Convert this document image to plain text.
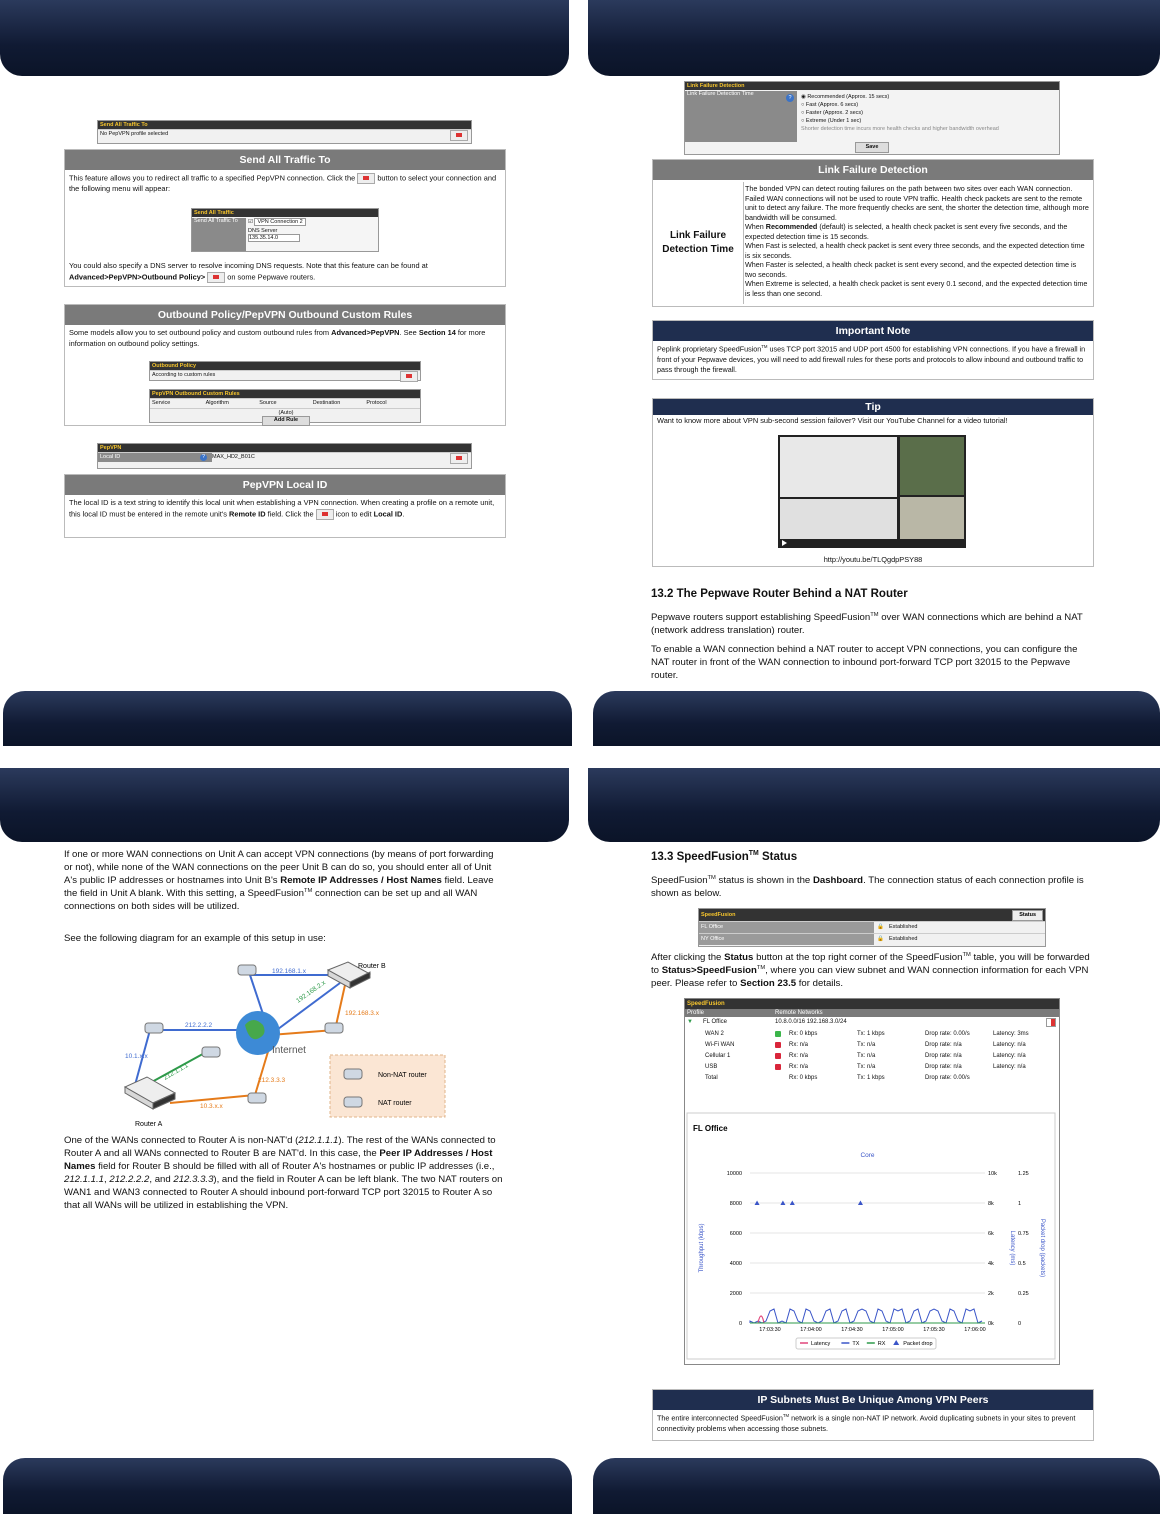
Send All Traffic To
No PepVPN profile selected
Send All Traffic To
This feature allows you to redirect all traffic to a specified PepVPN connection. Click the	button to select your connection and the following menu will appear:
Send All Traffic
Send All Traffic To	☑ VPN Connection 2
DNS Server
135.35.14.0
You could also specify a DNS server to resolve incoming DNS requests. Note that this feature can be found at
Advanced>PepVPN>Outbound Policy>	on some Pepwave routers.
Outbound Policy/PepVPN Outbound Custom Rules
Some models allow you to set outbound policy and custom outbound rules from Advanced>PepVPN. See Section 14 for more information on outbound policy settings.
Outbound Policy
According to custom rules
PepVPN Outbound Custom Rules
Service	Algorithm	Source	Destination	Protocol
(Auto)
Add Rule
PepVPN
Local ID	?	MAX_HD2_B01C
PepVPN Local ID
The local ID is a text string to identify this local unit when establishing a VPN connection. When creating a profile on a remote unit, this local ID must be entered in the remote unit's Remote ID field. Click the	icon to edit Local ID.
Link Failure Detection
Link Failure Detection Time
?	◉ Recommended (Approx. 15 secs)
○ Fast (Approx. 6 secs)
○ Faster (Approx. 2 secs)
○ Extreme (Under 1 sec)
Shorter detection time incurs more health checks and higher bandwidth overhead
Save
Link Failure Detection
Link Failure Detection Time
The bonded VPN can detect routing failures on the path between two sites over each WAN connection. Failed WAN connections will not be used to route VPN traffic. Health check packets are sent to the remote unit to detect any failure. The more frequently checks are sent, the shorter the detection time, although more bandwidth will be consumed.
When Recommended (default) is selected, a health check packet is sent every five seconds, and the expected detection time is 15 seconds.
When Fast is selected, a health check packet is sent every three seconds, and the expected detection time is six seconds.
When Faster is selected, a health check packet is sent every second, and the expected detection time is two seconds.
When Extreme is selected, a health check packet is sent every 0.1 second, and the expected detection time is less than one second.
Important Note
Peplink proprietary SpeedFusion™ uses TCP port 32015 and UDP port 4500 for establishing VPN connections. If you have a firewall in front of your Pepwave devices, you will need to add firewall rules for these ports and protocols to allow inbound and outbound traffic to pass through the firewall.
Tip
Want to know more about VPN sub-second session failover? Visit our YouTube Channel for a video tutorial!
http://youtu.be/TLQgdpPSY88
13.2 The Pepwave Router Behind a NAT Router
Pepwave routers support establishing SpeedFusion™ over WAN connections which are behind a NAT (network address translation) router.
To enable a WAN connection behind a NAT router to accept VPN connections, you can configure the NAT router in front of the WAN connection to inbound port-forward TCP port 32015 to the Pepwave router.
If one or more WAN connections on Unit A can accept VPN connections (by means of port forwarding or not), while none of the WAN connections on the peer Unit B can do so, you should enter all of Unit A's public IP addresses or hostnames into Unit B's Remote IP Addresses / Host Names field. Leave the field in Unit A blank. With this setting, a SpeedFusion™ connection can be set up and all WAN connections on both sides will be utilized.
See the following diagram for an example of this setup in use:
Internet
Router B
Router A
192.168.1.x
192.168.2.x
192.168.3.x
212.2.2.2
10.1.x.x
212.1.1.1	212.3.3.3
10.3.x.x
Non-NAT router
NAT router
One of the WANs connected to Router A is non-NAT'd (212.1.1.1). The rest of the WANs connected to Router A and all WANs connected to Router B are NAT'd. In this case, the Peer IP Addresses / Host Names field for Router B should be filled with all of Router A's hostnames or public IP addresses (i.e., 212.1.1.1, 212.2.2.2, and 212.3.3.3), and the field in Router A can be left blank. The two NAT routers on WAN1 and WAN3 connected to Router A should inbound port-forward TCP port 32015 to Router A so that all WANs will be utilized in establishing the VPN.
13.3 SpeedFusion™ Status
SpeedFusion™ status is shown in the Dashboard. The connection status of each connection profile is shown as below.
SpeedFusion	Status
FL Office	🔒 Established
NY Office	🔒 Established
After clicking the Status button at the top right corner of the SpeedFusion™ table, you will be forwarded to Status>SpeedFusion™, where you can view subnet and WAN connection information for each VPN peer. Please refer to Section 23.5 for details.
SpeedFusion
Profile	Remote Networks
▼ FL Office	10.8.0.0/16 192.168.3.0/24
WAN 2	Rx: 0 kbps	Tx: 1 kbps	Drop rate: 0.00/s	Latency: 3ms
Wi-Fi WAN	Rx: n/a	Tx: n/a	Drop rate: n/a	Latency: n/a
Cellular 1	Rx: n/a	Tx: n/a	Drop rate: n/a	Latency: n/a
USB	Rx: n/a	Tx: n/a	Drop rate: n/a	Latency: n/a
Total	Rx: 0 kbps	Tx: 1 kbps	Drop rate: 0.00/s
FL Office
Core
10000	10k	1.25
8000	8k	1
6000	6k	0.75
4000	4k	0.5
2000	2k	0.25
0	0k	0
Throughput (kbps)	Latency (ms)	Packet drop (packets)
17:03:30	17:04:00	17:04:30	17:05:00	17:05:30	17:06:00
Latency	TX	RX	Packet drop
IP Subnets Must Be Unique Among VPN Peers
The entire interconnected SpeedFusion™ network is a single non-NAT IP network. Avoid duplicating subnets in your sites to prevent connectivity problems when accessing those subnets.
